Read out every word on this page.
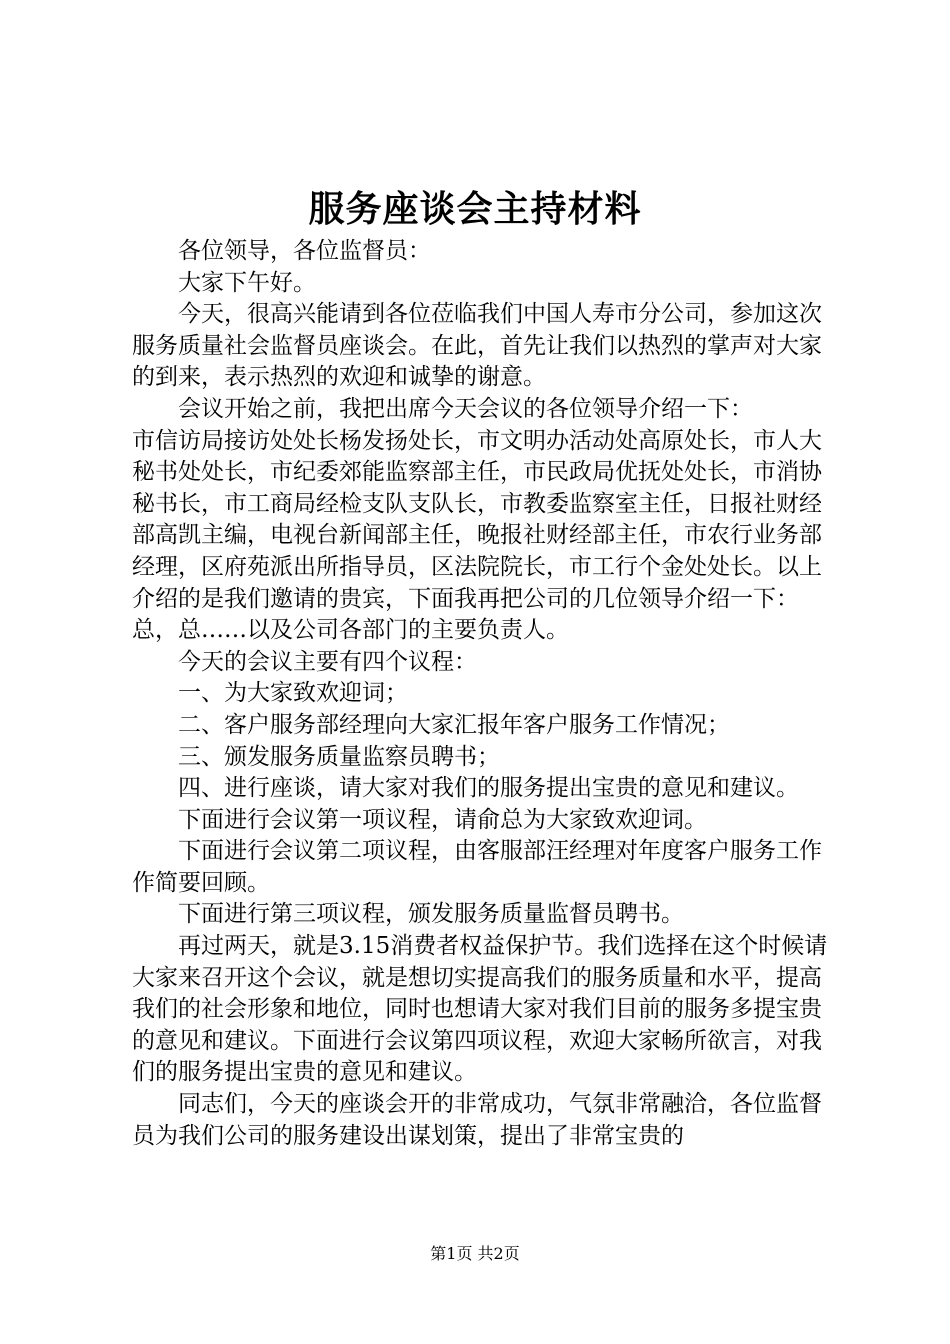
服务座谈会主持材料

各位领导，各位监督员：

大家下午好。

今天，很高兴能请到各位莅临我们中国人寿市分公司，参加这次服务质量社会监督员座谈会。在此，首先让我们以热烈的掌声对大家的到来，表示热烈的欢迎和诚挚的谢意。

会议开始之前，我把出席今天会议的各位领导介绍一下：

市信访局接访处处长杨发扬处长，市文明办活动处高原处长，市人大秘书处处长，市纪委郊能监察部主任，市民政局优抚处处长，市消协秘书长，市工商局经检支队支队长，市教委监察室主任，日报社财经部高凯主编，电视台新闻部主任，晚报社财经部主任，市农行业务部经理，区府苑派出所指导员，区法院院长，市工行个金处处长。以上介绍的是我们邀请的贵宾，下面我再把公司的几位领导介绍一下：总，总……以及公司各部门的主要负责人。

今天的会议主要有四个议程：

一、为大家致欢迎词；

二、客户服务部经理向大家汇报年客户服务工作情况；

三、颁发服务质量监察员聘书；

四、进行座谈，请大家对我们的服务提出宝贵的意见和建议。

下面进行会议第一项议程，请俞总为大家致欢迎词。

下面进行会议第二项议程，由客服部汪经理对年度客户服务工作作简要回顾。

下面进行第三项议程，颁发服务质量监督员聘书。

再过两天，就是3.15消费者权益保护节。我们选择在这个时候请大家来召开这个会议，就是想切实提高我们的服务质量和水平，提高我们的社会形象和地位，同时也想请大家对我们目前的服务多提宝贵的意见和建议。下面进行会议第四项议程，欢迎大家畅所欲言，对我们的服务提出宝贵的意见和建议。

同志们，今天的座谈会开的非常成功，气氛非常融洽，各位监督员为我们公司的服务建设出谋划策，提出了非常宝贵的

第1页 共2页
